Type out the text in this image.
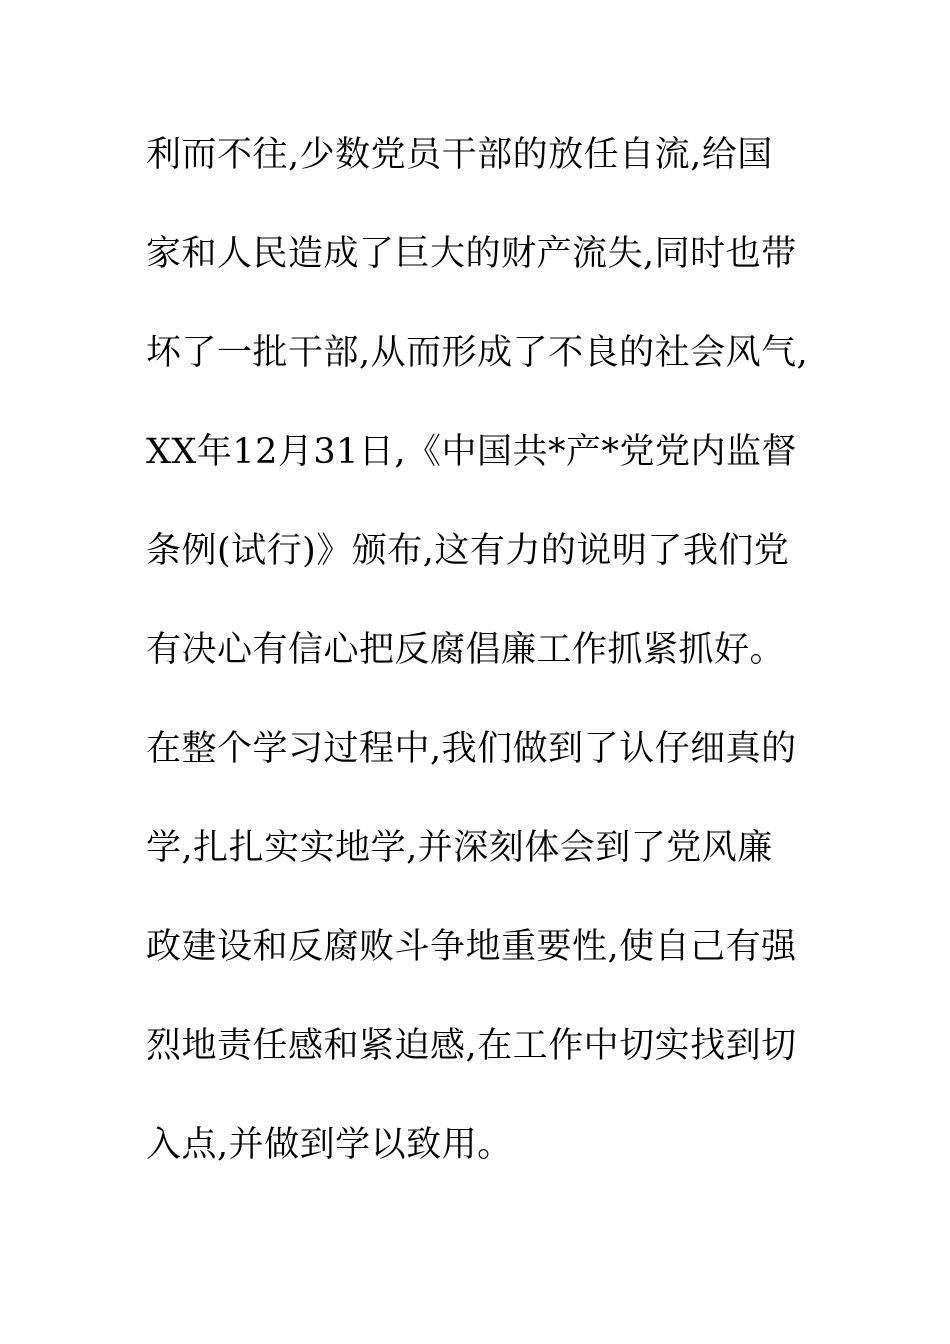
利而不往,少数党员干部的放任自流,给国
家和人民造成了巨大的财产流失,同时也带
坏了一批干部,从而形成了不良的社会风气,
XX年12月31日,《中国共*产*党党内监督
条例(试行)》颁布,这有力的说明了我们党
有决心有信心把反腐倡廉工作抓紧抓好。
在整个学习过程中,我们做到了认仔细真的
学,扎扎实实地学,并深刻体会到了党风廉
政建设和反腐败斗争地重要性,使自己有强
烈地责任感和紧迫感,在工作中切实找到切
入点,并做到学以致用。
